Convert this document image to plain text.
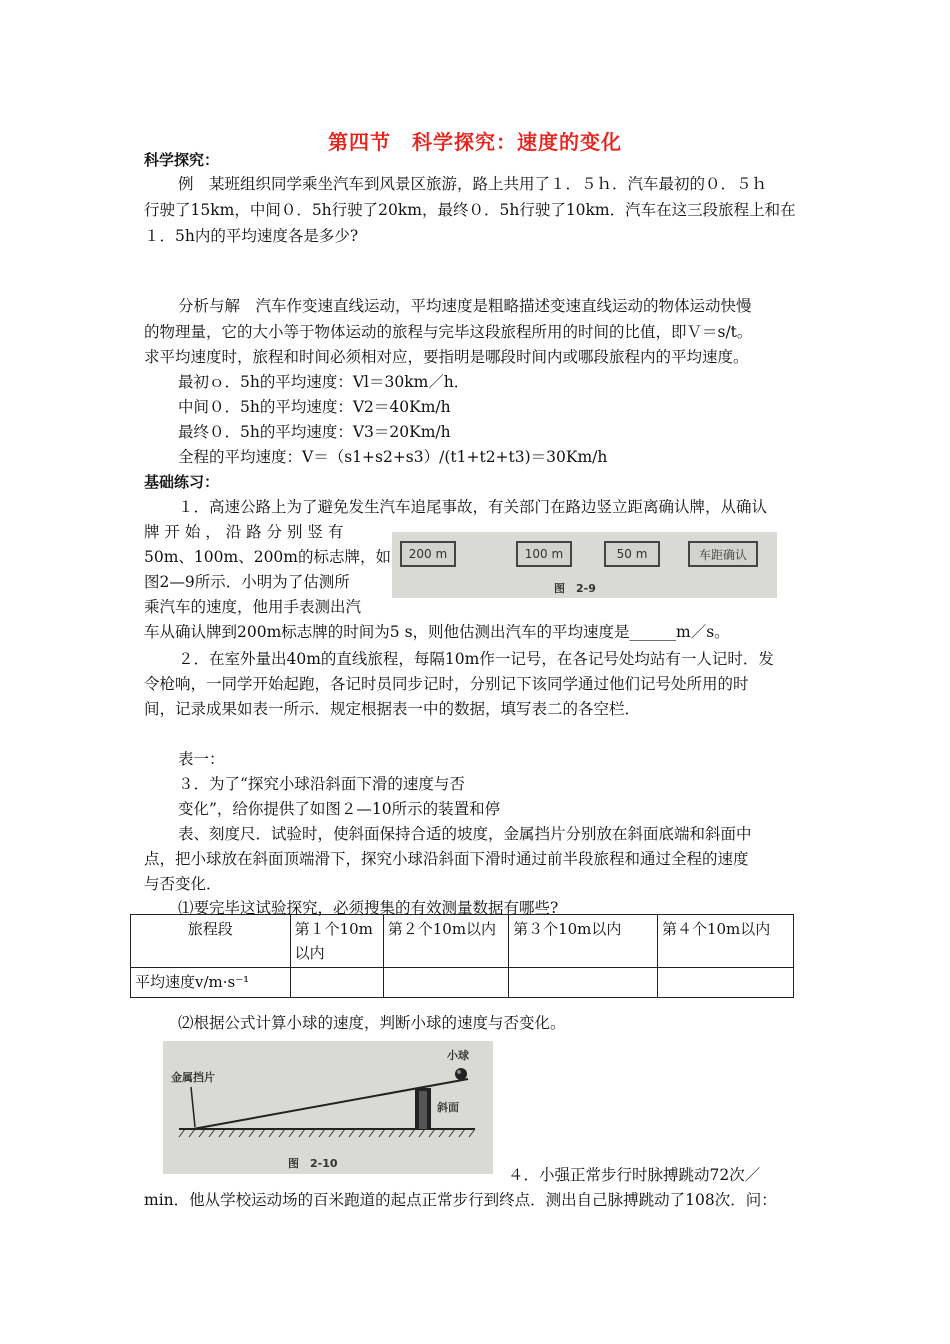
第四节　科学探究：速度的变化
科学探究：
例　某班组织同学乘坐汽车到风景区旅游，路上共用了１．５ｈ．汽车最初的０．５ｈ
行驶了15km，中间０．5h行驶了20km，最终０．5h行驶了10km．汽车在这三段旅程上和在
１．5h内的平均速度各是多少?
分析与解　汽车作变速直线运动，平均速度是粗略描述变速直线运动的物体运动快慢
的物理量，它的大小等于物体运动的旅程与完毕这段旅程所用的时间的比值，即Ｖ＝s/t。
求平均速度时，旅程和时间必须相对应，要指明是哪段时间内或哪段旅程内的平均速度。
最初ｏ．5h的平均速度：Vl＝30km／h．
中间０．5h的平均速度：V2＝40Km/h
最终０．5h的平均速度：V3＝20Km/h
全程的平均速度：V＝（s1+s2+s3）/(t1+t2+t3)＝30Km/h
基础练习：
１．高速公路上为了避免发生汽车追尾事故，有关部门在路边竖立距离确认牌，从确认
牌 开 始 ， 沿 路 分 别 竖 有
50m、100m、200m的标志牌，如
图2—9所示．小明为了估测所
乘汽车的速度，他用手表测出汽
车从确认牌到200m标志牌的时间为5 s，则他估测出汽车的平均速度是______m／s。
200 m	100 m	50 m	车距确认
图　2-9
２．在室外量出40m的直线旅程，每隔10m作一记号，在各记号处均站有一人记时．发
令枪响，一同学开始起跑，各记时员同步记时，分别记下该同学通过他们记号处所用的时
间，记录成果如表一所示．规定根据表一中的数据，填写表二的各空栏．
表一：
３．为了“探究小球沿斜面下滑的速度与否
变化”，给你提供了如图２—10所示的装置和停
表、刻度尺．试验时，使斜面保持合适的坡度，金属挡片分别放在斜面底端和斜面中
点，把小球放在斜面顶端滑下，探究小球沿斜面下滑时通过前半段旅程和通过全程的速度
与否变化．
⑴要完毕这试验探究，必须搜集的有效测量数据有哪些?
旅程段	第１个10m以内	第２个10m以内	第３个10m以内	第４个10m以内
平均速度v/m·s⁻¹				
⑵根据公式计算小球的速度，判断小球的速度与否变化。
小球
金属挡片
斜面
图　2-10
４．小强正常步行时脉搏跳动72次／
min．他从学校运动场的百米跑道的起点正常步行到终点．测出自己脉搏跳动了108次．问：
